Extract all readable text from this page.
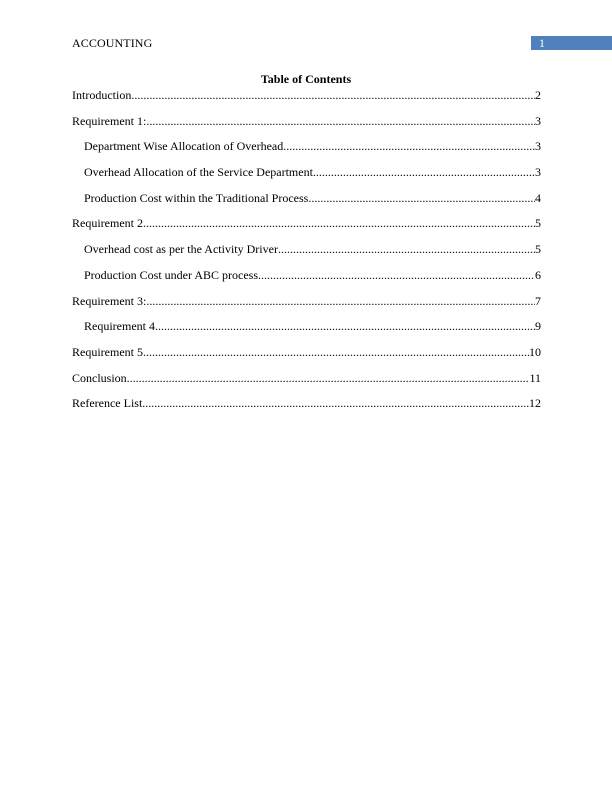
ACCOUNTING	1
Table of Contents
Introduction .....	2
Requirement 1: .....	3
Department Wise Allocation of Overhead .....	3
Overhead Allocation of the Service Department .....	3
Production Cost within the Traditional Process .....	4
Requirement 2 .....	5
Overhead cost as per the Activity Driver .....	5
Production Cost under ABC process .....	6
Requirement 3: .....	7
Requirement 4 .....	9
Requirement 5 .....	10
Conclusion .....	11
Reference List .....	12
